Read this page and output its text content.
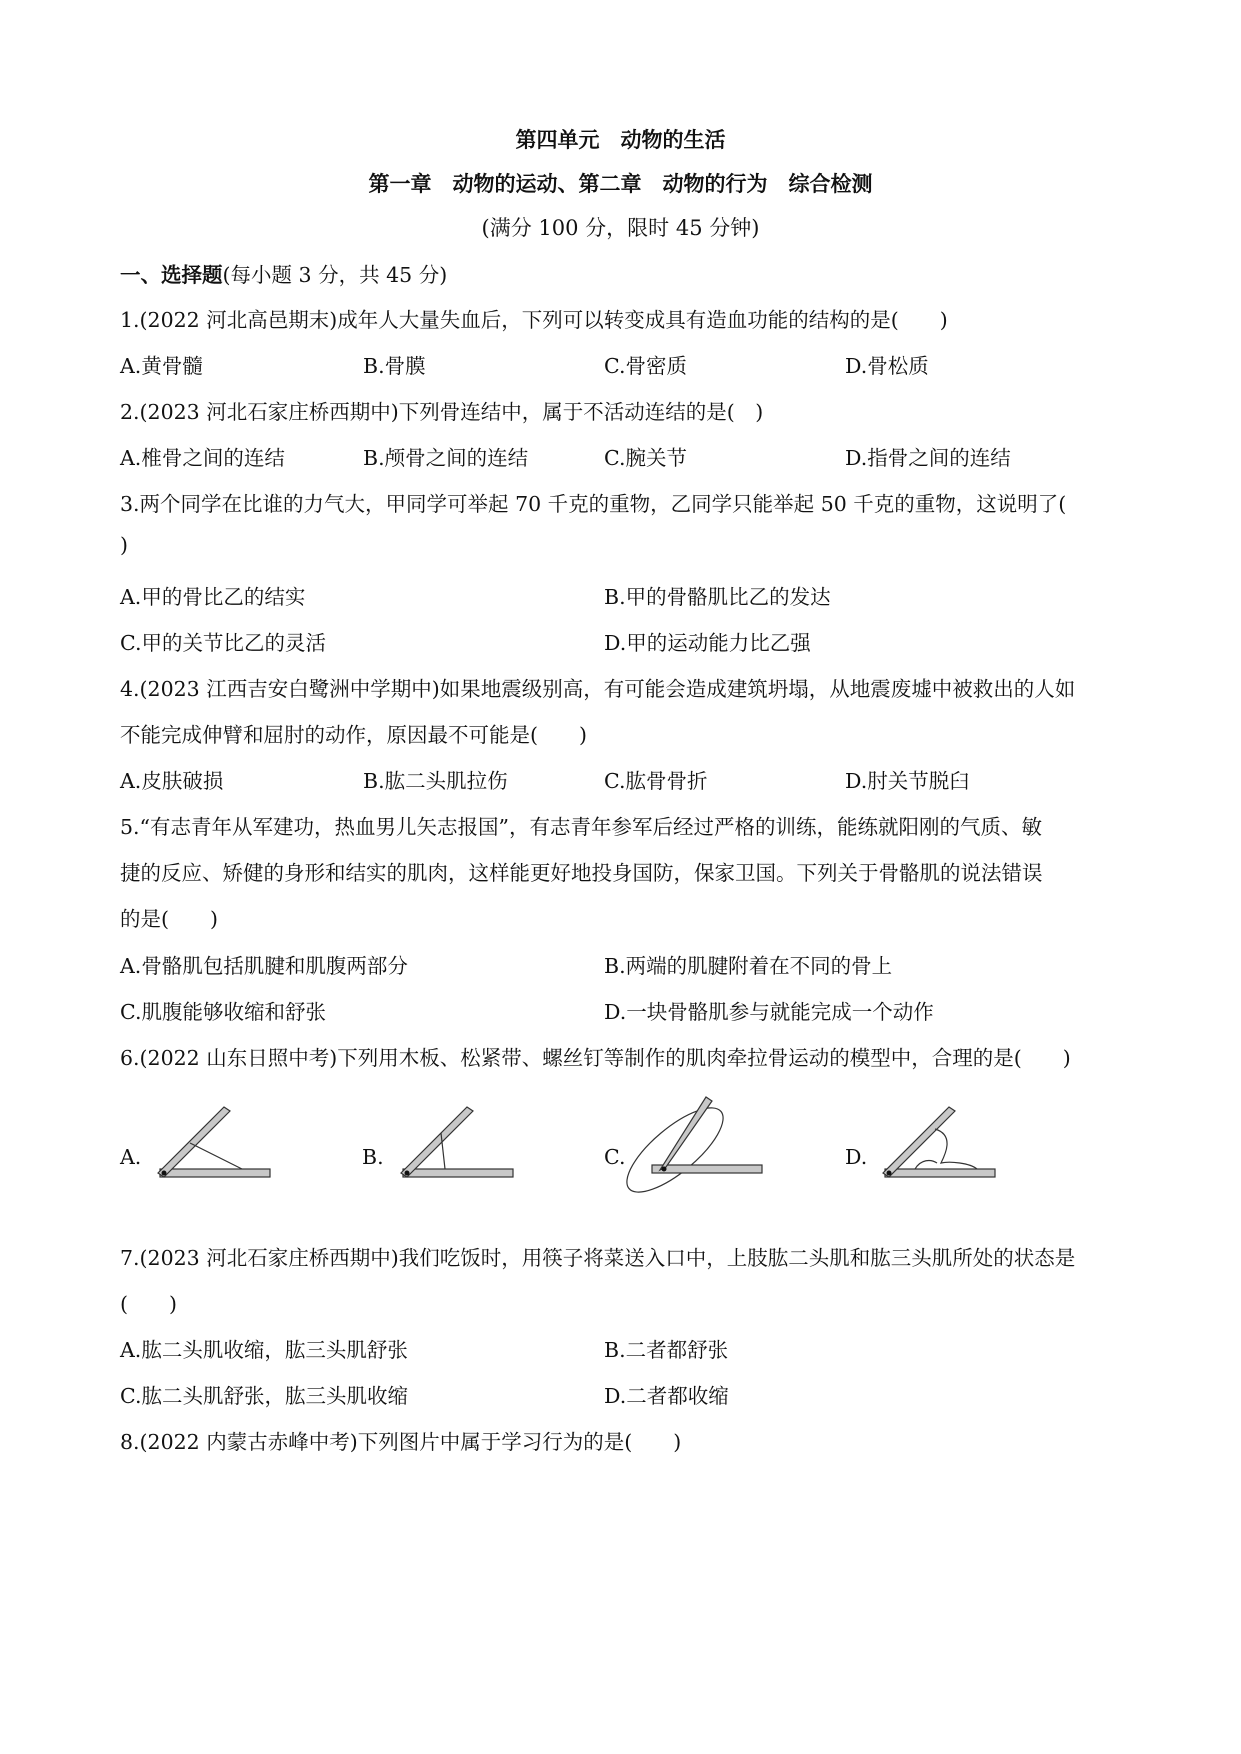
第四单元　动物的生活
第一章　动物的运动、第二章　动物的行为　综合检测
(满分 100 分，限时 45 分钟)
一、选择题(每小题 3 分，共 45 分)
1.(2022 河北高邑期末)成年人大量失血后，下列可以转变成具有造血功能的结构的是(　　)
A.黄骨髓	B.骨膜	C.骨密质	D.骨松质
2.(2023 河北石家庄桥西期中)下列骨连结中，属于不活动连结的是(　)
A.椎骨之间的连结	B.颅骨之间的连结	C.腕关节	D.指骨之间的连结
3.两个同学在比谁的力气大，甲同学可举起 70 千克的重物，乙同学只能举起 50 千克的重物，这说明了(
)
A.甲的骨比乙的结实	B.甲的骨骼肌比乙的发达
C.甲的关节比乙的灵活	D.甲的运动能力比乙强
4.(2023 江西吉安白鹭洲中学期中)如果地震级别高，有可能会造成建筑坍塌，从地震废墟中被救出的人如
不能完成伸臂和屈肘的动作，原因最不可能是(　　)
A.皮肤破损	B.肱二头肌拉伤	C.肱骨骨折	D.肘关节脱臼
5.“有志青年从军建功，热血男儿矢志报国”，有志青年参军后经过严格的训练，能练就阳刚的气质、敏
捷的反应、矫健的身形和结实的肌肉，这样能更好地投身国防，保家卫国。下列关于骨骼肌的说法错误
的是(　　)
A.骨骼肌包括肌腱和肌腹两部分	B.两端的肌腱附着在不同的骨上
C.肌腹能够收缩和舒张	D.一块骨骼肌参与就能完成一个动作
6.(2022 山东日照中考)下列用木板、松紧带、螺丝钉等制作的肌肉牵拉骨运动的模型中，合理的是(　　)
A.	B.	C.	D.
7.(2023 河北石家庄桥西期中)我们吃饭时，用筷子将菜送入口中，上肢肱二头肌和肱三头肌所处的状态是
(　　)
A.肱二头肌收缩，肱三头肌舒张	B.二者都舒张
C.肱二头肌舒张，肱三头肌收缩	D.二者都收缩
8.(2022 内蒙古赤峰中考)下列图片中属于学习行为的是(　　)
